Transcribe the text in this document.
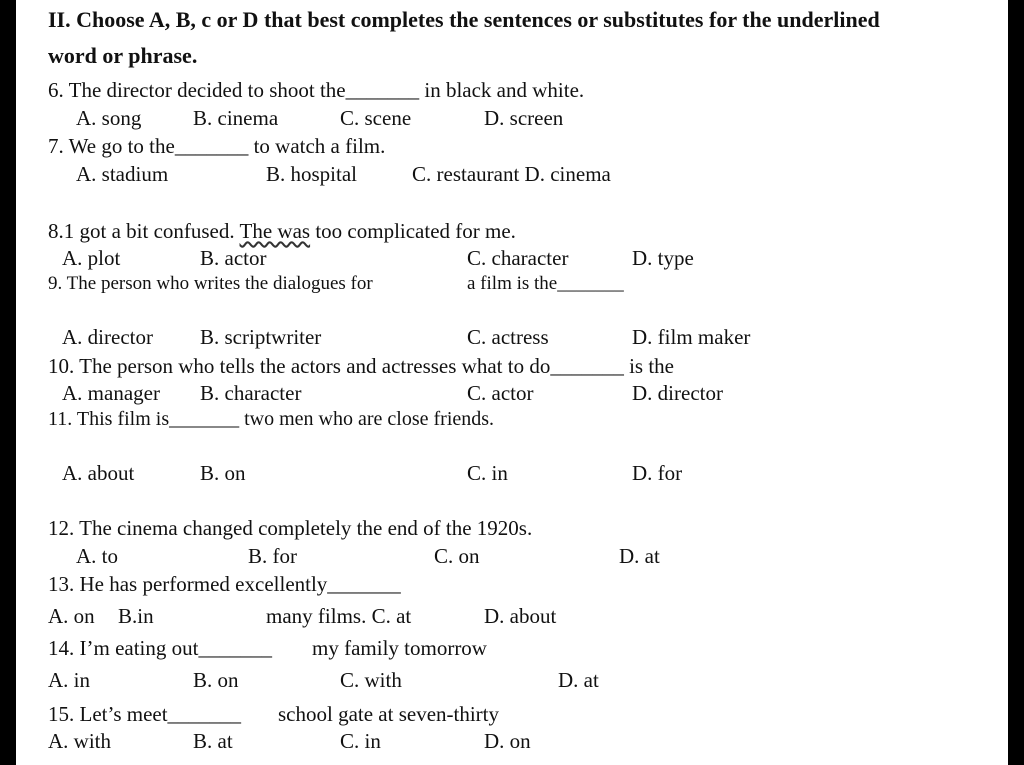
II. Choose A, B, c or D that best completes the sentences or substitutes for the underlined
word or phrase.
6. The director decided to shoot the_______ in black and white.
A. song B. cinema	C. scene	D. screen
7. We go to the_______ to watch a film.
A. stadium	B. hospital	C. restaurant D. cinema
8.1 got a bit confused. The was too complicated for me.
A. plot	B. actor	C. character	D. type
9. The person who writes the dialogues for	a film is the_______
A. director B. scriptwriter	C. actress	D. film maker
10. The person who tells the actors and actresses what to do_______ is the
A. manager B. character	C. actor	D. director
11. This film is_______ two men who are close friends.
A. about	B. on	C. in	D. for
12. The cinema changed completely the end of the 1920s.
A. to	B. for	C. on	D. at
13. He has performed excellently_______
A. on B.in	many films. C. at	D. about
14. I’m eating out_______ my family tomorrow
A. in	B. on	C. with	D. at
15. Let’s meet_______ school gate at seven-thirty
A. with	B. at	C. in	D. on
